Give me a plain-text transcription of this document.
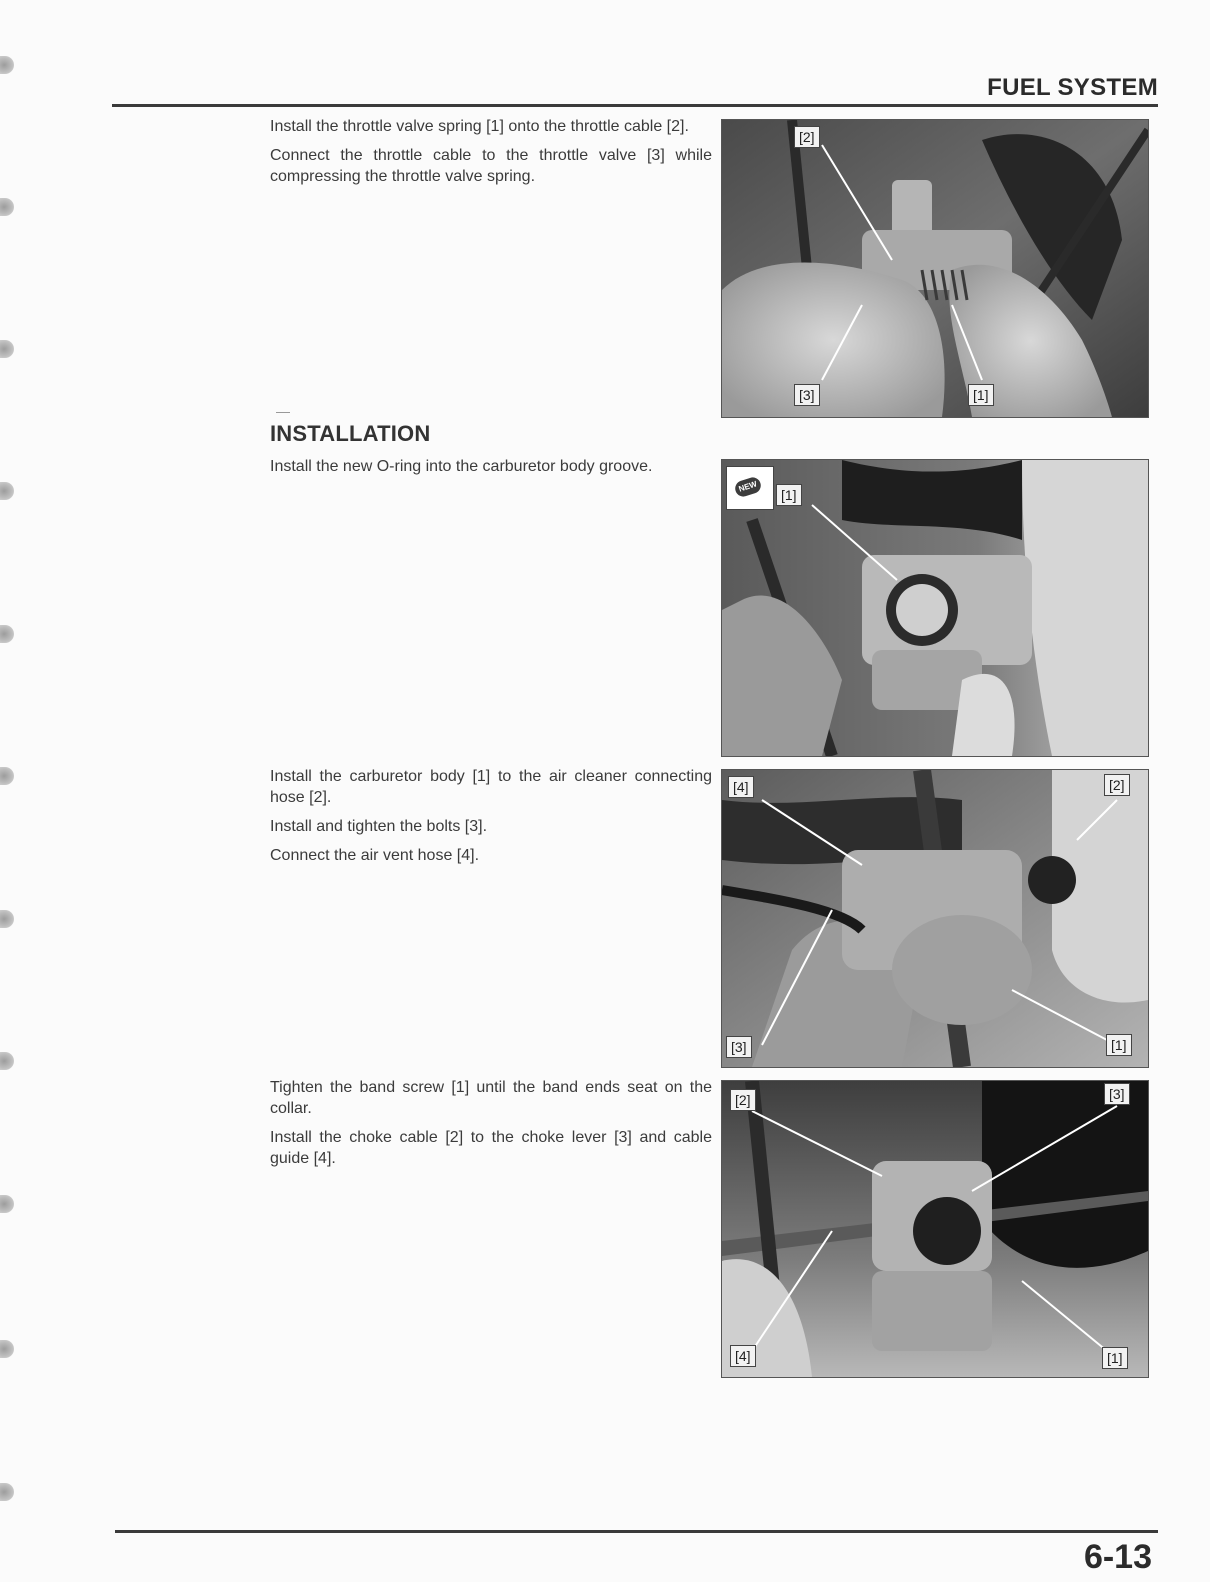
FUEL SYSTEM

Install the throttle valve spring [1] onto the throttle cable [2].

Connect the throttle cable to the throttle valve [3] while compressing the throttle valve spring.

[2]
[3]	[1]
INSTALLATION

Install the new O-ring into the carburetor body groove.

NEW
[1]

Install the carburetor body [1] to the air cleaner connecting hose [2].

Install and tighten the bolts [3].

Connect the air vent hose [4].

[4]	[2]
[3]	[1]

Tighten the band screw [1] until the band ends seat on the collar.

Install the choke cable [2] to the choke lever [3] and cable guide [4].

[2]	[3]
[4]	[1]
6-13
